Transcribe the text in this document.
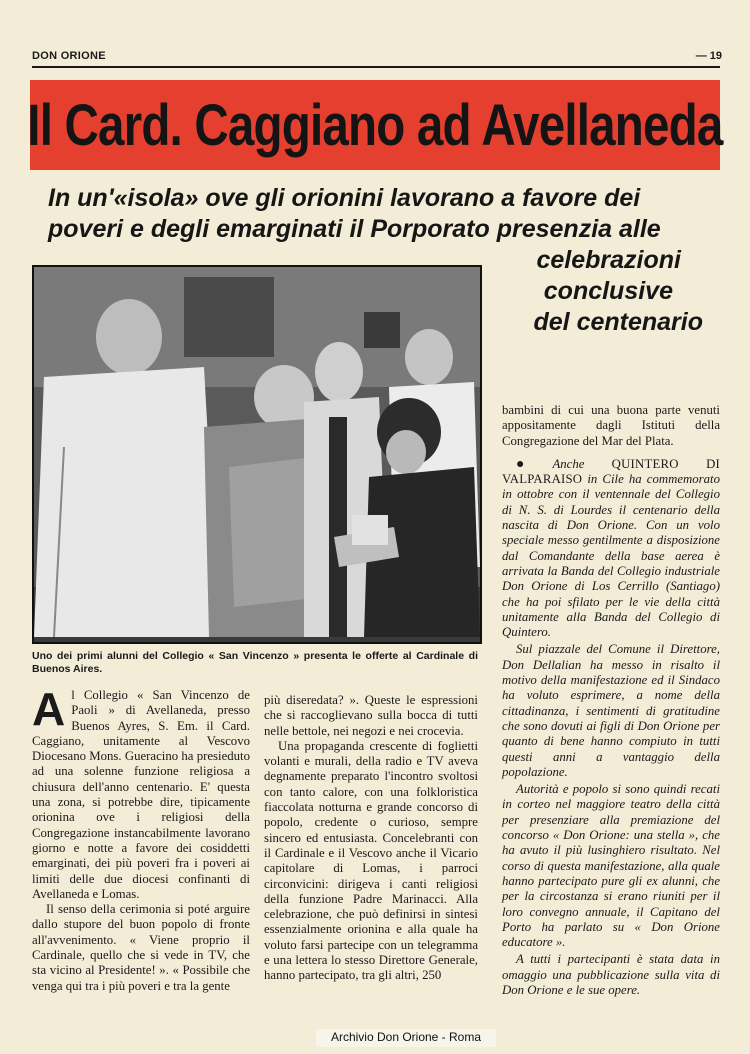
DON ORIONE	— 19
Il Card. Caggiano ad Avellaneda
In un'«isola» ove gli orionini lavorano a favore dei
poveri e degli emarginati il Porporato presenzia alle
celebrazioni
conclusive
del centenario
Uno dei primi alunni del Collegio « San Vincenzo » presenta le offerte al Cardinale di Buenos Aires.

Al Collegio « San Vincenzo de Paoli » di Avellaneda, presso Buenos Ayres, S. Em. il Card. Caggiano, unitamente al Vescovo Diocesano Mons. Gueracino ha presieduto ad una solenne funzione religiosa a chiusura dell'anno centenario. E' questa una zona, si potrebbe dire, tipicamente orionina ove i religiosi della Congregazione instancabilmente lavorano giorno e notte a favore dei cosiddetti emarginati, dei più poveri fra i poveri ai limiti delle due diocesi confinanti di Avellaneda e Lomas.

Il senso della cerimonia si poté arguire dallo stupore del buon popolo di fronte all'avvenimento. « Viene proprio il Cardinale, quello che si vede in TV, che sta vicino al Presidente! ». « Possibile che venga qui tra i più poveri e tra la gente

più diseredata? ». Queste le espressioni che si raccoglievano sulla bocca di tutti nelle bettole, nei negozi e nei crocevia.

Una propaganda crescente di foglietti volanti e murali, della radio e TV aveva degnamente preparato l'incontro svoltosi con tanto calore, con una folkloristica fiaccolata notturna e grande concorso di popolo, credente o curioso, sempre sincero ed entusiasta. Concelebranti con il Cardinale e il Vescovo anche il Vicario capitolare di Lomas, i parroci circonvicini: dirigeva i canti religiosi della funzione Padre Marinacci. Alla celebrazione, che può definirsi in sintesi essenzialmente orionina e alla quale ha voluto farsi partecipe con un telegramma e una lettera lo stesso Direttore Generale, hanno partecipato, tra gli altri, 250

bambini di cui una buona parte venuti appositamente dagli Istituti della Congregazione del Mar del Plata.

● Anche QUINTERO DI VALPARAISO in Cile ha commemorato in ottobre con il ventennale del Collegio di N. S. di Lourdes il centenario della nascita di Don Orione. Con un volo speciale messo gentilmente a disposizione dal Comandante della base aerea è arrivata la Banda del Collegio industriale Don Orione di Los Cerrillo (Santiago) che ha poi sfilato per le vie della città unitamente alla Banda del Collegio di Quintero.

Sul piazzale del Comune il Direttore, Don Dellalian ha messo in risalto il motivo della manifestazione ed il Sindaco ha voluto esprimere, a nome della cittadinanza, i sentimenti di gratitudine che sono dovuti ai figli di Don Orione per quanto di bene hanno compiuto in tutti questi anni a vantaggio della popolazione.

Autorità e popolo si sono quindi recati in corteo nel maggiore teatro della città per presenziare alla premiazione del concorso « Don Orione: una stella », che ha avuto il più lusinghiero risultato. Nel corso di questa manifestazione, alla quale hanno partecipato pure gli ex alunni, che per la circostanza si erano riuniti per il loro convegno annuale, il Capitano del Porto ha parlato su « Don Orione educatore ».

A tutti i partecipanti è stata data in omaggio una pubblicazione sulla vita di Don Orione e le sue opere.

Archivio Don Orione - Roma
